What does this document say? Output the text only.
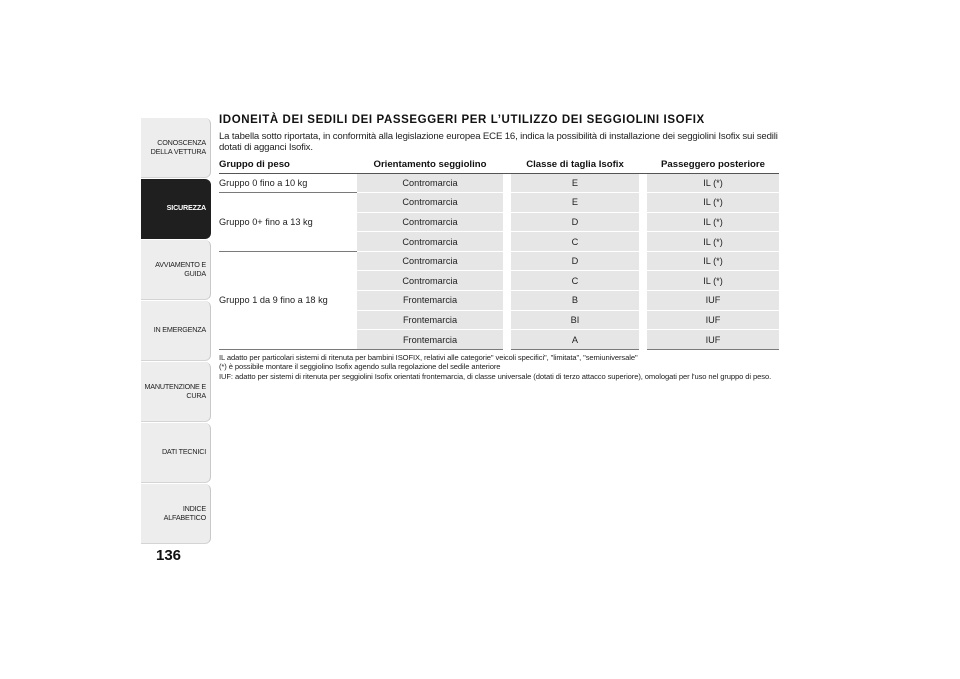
CONOSCENZA
DELLA VETTURA
SICUREZZA
AVVIAMENTO E
GUIDA
IN EMERGENZA
MANUTENZIONE E
CURA
DATI TECNICI
INDICE ALFABETICO
136
IDONEITÀ DEI SEDILI DEI PASSEGGERI PER L’UTILIZZO DEI SEGGIOLINI ISOFIX

La tabella sotto riportata, in conformità alla legislazione europea ECE 16, indica la possibilità di installazione dei seggiolini Isofix sui sedili dotati di agganci Isofix.

Gruppo di peso	Orientamento seggiolino		Classe di taglia Isofix		Passeggero posteriore
Gruppo 0 fino a 10 kg	Contromarcia		E		IL (*)
Gruppo 0+ fino a 13 kg	Contromarcia		E		IL (*)
	Contromarcia		D		IL (*)
	Contromarcia		C		IL (*)
Gruppo 1 da 9 fino a 18 kg	Contromarcia		D		IL (*)
	Contromarcia		C		IL (*)
	Frontemarcia		B		IUF
	Frontemarcia		BI		IUF
	Frontemarcia		A		IUF

IL adatto per particolari sistemi di ritenuta per bambini ISOFIX, relativi alle categorie" veicoli specifici", "limitata", "semiuniversale"

(*) è possibile montare il seggiolino Isofix agendo sulla regolazione del sedile anteriore

IUF: adatto per sistemi di ritenuta per seggiolini Isofix orientati frontemarcia, di classe universale (dotati di terzo attacco superiore), omologati per l'uso nel gruppo di peso.
